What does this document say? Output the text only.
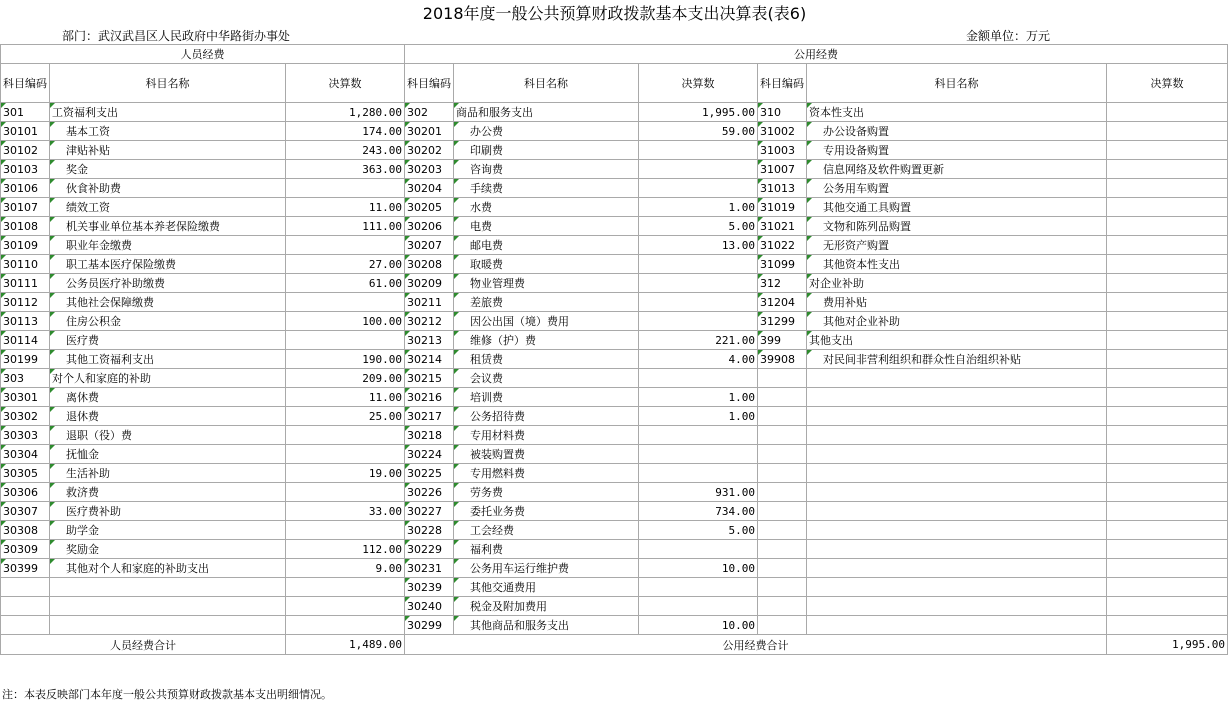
2018年度一般公共预算财政拨款基本支出决算表(表6)
部门：武汉武昌区人民政府中华路街办事处	金额单位：万元
人员经费			公用经费					
科目编码	科目名称	决算数	科目编码	科目名称	决算数	科目编码	科目名称	决算数
301	工资福利支出	1,280.00	302	商品和服务支出	1,995.00	310	资本性支出	
30101	基本工资	174.00	30201	办公费	59.00	31002	办公设备购置	
30102	津贴补贴	243.00	30202	印刷费		31003	专用设备购置	
30103	奖金	363.00	30203	咨询费		31007	信息网络及软件购置更新	
30106	伙食补助费		30204	手续费		31013	公务用车购置	
30107	绩效工资	11.00	30205	水费	1.00	31019	其他交通工具购置	
30108	机关事业单位基本养老保险缴费	111.00	30206	电费	5.00	31021	文物和陈列品购置	
30109	职业年金缴费		30207	邮电费	13.00	31022	无形资产购置	
30110	职工基本医疗保险缴费	27.00	30208	取暖费		31099	其他资本性支出	
30111	公务员医疗补助缴费	61.00	30209	物业管理费		312	对企业补助	
30112	其他社会保障缴费		30211	差旅费		31204	费用补贴	
30113	住房公积金	100.00	30212	因公出国（境）费用		31299	其他对企业补助	
30114	医疗费		30213	维修（护）费	221.00	399	其他支出	
30199	其他工资福利支出	190.00	30214	租赁费	4.00	39908	对民间非营利组织和群众性自治组织补贴	
303	对个人和家庭的补助	209.00	30215	会议费				
30301	离休费	11.00	30216	培训费	1.00			
30302	退休费	25.00	30217	公务招待费	1.00			
30303	退职（役）费		30218	专用材料费				
30304	抚恤金		30224	被装购置费				
30305	生活补助	19.00	30225	专用燃料费				
30306	救济费		30226	劳务费	931.00			
30307	医疗费补助	33.00	30227	委托业务费	734.00			
30308	助学金		30228	工会经费	5.00			
30309	奖励金	112.00	30229	福利费				
30399	其他对个人和家庭的补助支出	9.00	30231	公务用车运行维护费	10.00			
			30239	其他交通费用				
			30240	税金及附加费用				
			30299	其他商品和服务支出	10.00			
人员经费合计		1,489.00	公用经费合计					1,995.00
注：本表反映部门本年度一般公共预算财政拨款基本支出明细情况。
